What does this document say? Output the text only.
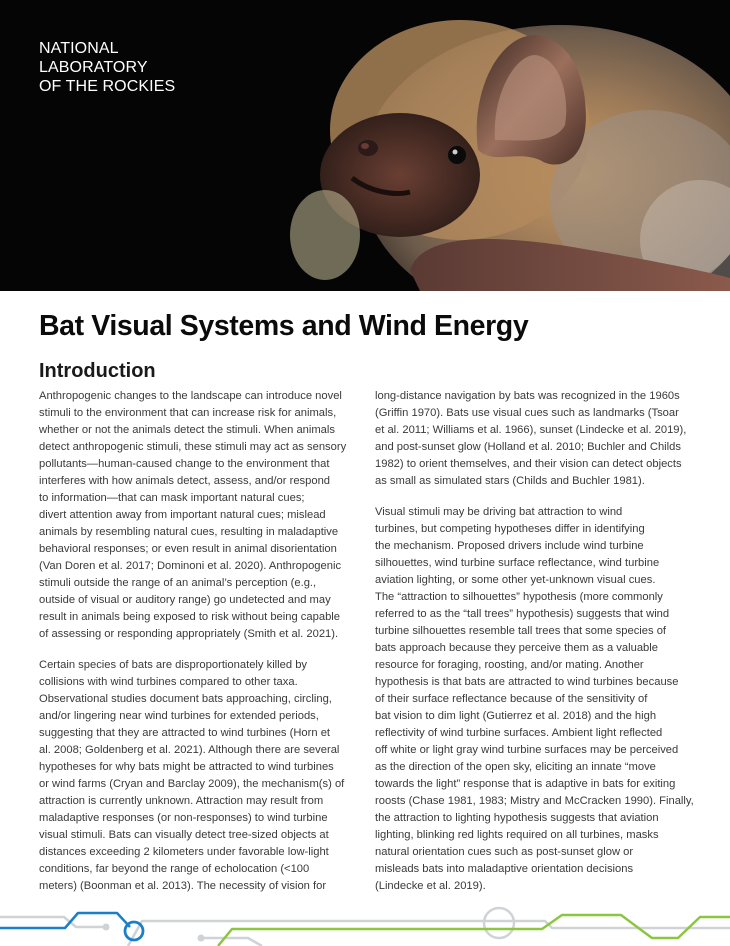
NATIONAL
LABORATORY
OF THE ROCKIES
Bat Visual Systems and Wind Energy
Introduction

Anthropogenic changes to the landscape can introduce novel
stimuli to the environment that can increase risk for animals,
whether or not the animals detect the stimuli. When animals
detect anthropogenic stimuli, these stimuli may act as sensory
pollutants—human-caused change to the environment that
interferes with how animals detect, assess, and/or respond
to information—that can mask important natural cues;
divert attention away from important natural cues; mislead
animals by resembling natural cues, resulting in maladaptive
behavioral responses; or even result in animal disorientation
(Van Doren et al. 2017; Dominoni et al. 2020). Anthropogenic
stimuli outside the range of an animal’s perception (e.g.,
outside of visual or auditory range) go undetected and may
result in animals being exposed to risk without being capable
of assessing or responding appropriately (Smith et al. 2021).

Certain species of bats are disproportionately killed by
collisions with wind turbines compared to other taxa.
Observational studies document bats approaching, circling,
and/or lingering near wind turbines for extended periods,
suggesting that they are attracted to wind turbines (Horn et
al. 2008; Goldenberg et al. 2021). Although there are several
hypotheses for why bats might be attracted to wind turbines
or wind farms (Cryan and Barclay 2009), the mechanism(s) of
attraction is currently unknown. Attraction may result from
maladaptive responses (or non-responses) to wind turbine
visual stimuli. Bats can visually detect tree-sized objects at
distances exceeding 2 kilometers under favorable low-light
conditions, far beyond the range of echolocation (<100
meters) (Boonman et al. 2013). The necessity of vision for

long-distance navigation by bats was recognized in the 1960s
(Griffin 1970). Bats use visual cues such as landmarks (Tsoar
et al. 2011; Williams et al. 1966), sunset (Lindecke et al. 2019),
and post-sunset glow (Holland et al. 2010; Buchler and Childs
1982) to orient themselves, and their vision can detect objects
as small as simulated stars (Childs and Buchler 1981).

Visual stimuli may be driving bat attraction to wind
turbines, but competing hypotheses differ in identifying
the mechanism. Proposed drivers include wind turbine
silhouettes, wind turbine surface reflectance, wind turbine
aviation lighting, or some other yet-unknown visual cues.
The “attraction to silhouettes” hypothesis (more commonly
referred to as the “tall trees” hypothesis) suggests that wind
turbine silhouettes resemble tall trees that some species of
bats approach because they perceive them as a valuable
resource for foraging, roosting, and/or mating. Another
hypothesis is that bats are attracted to wind turbines because
of their surface reflectance because of the sensitivity of
bat vision to dim light (Gutierrez et al. 2018) and the high
reflectivity of wind turbine surfaces. Ambient light reflected
off white or light gray wind turbine surfaces may be perceived
as the direction of the open sky, eliciting an innate “move
towards the light” response that is adaptive in bats for exiting
roosts (Chase 1981, 1983; Mistry and McCracken 1990). Finally,
the attraction to lighting hypothesis suggests that aviation
lighting, blinking red lights required on all turbines, masks
natural orientation cues such as post-sunset glow or
misleads bats into maladaptive orientation decisions
(Lindecke et al. 2019).
